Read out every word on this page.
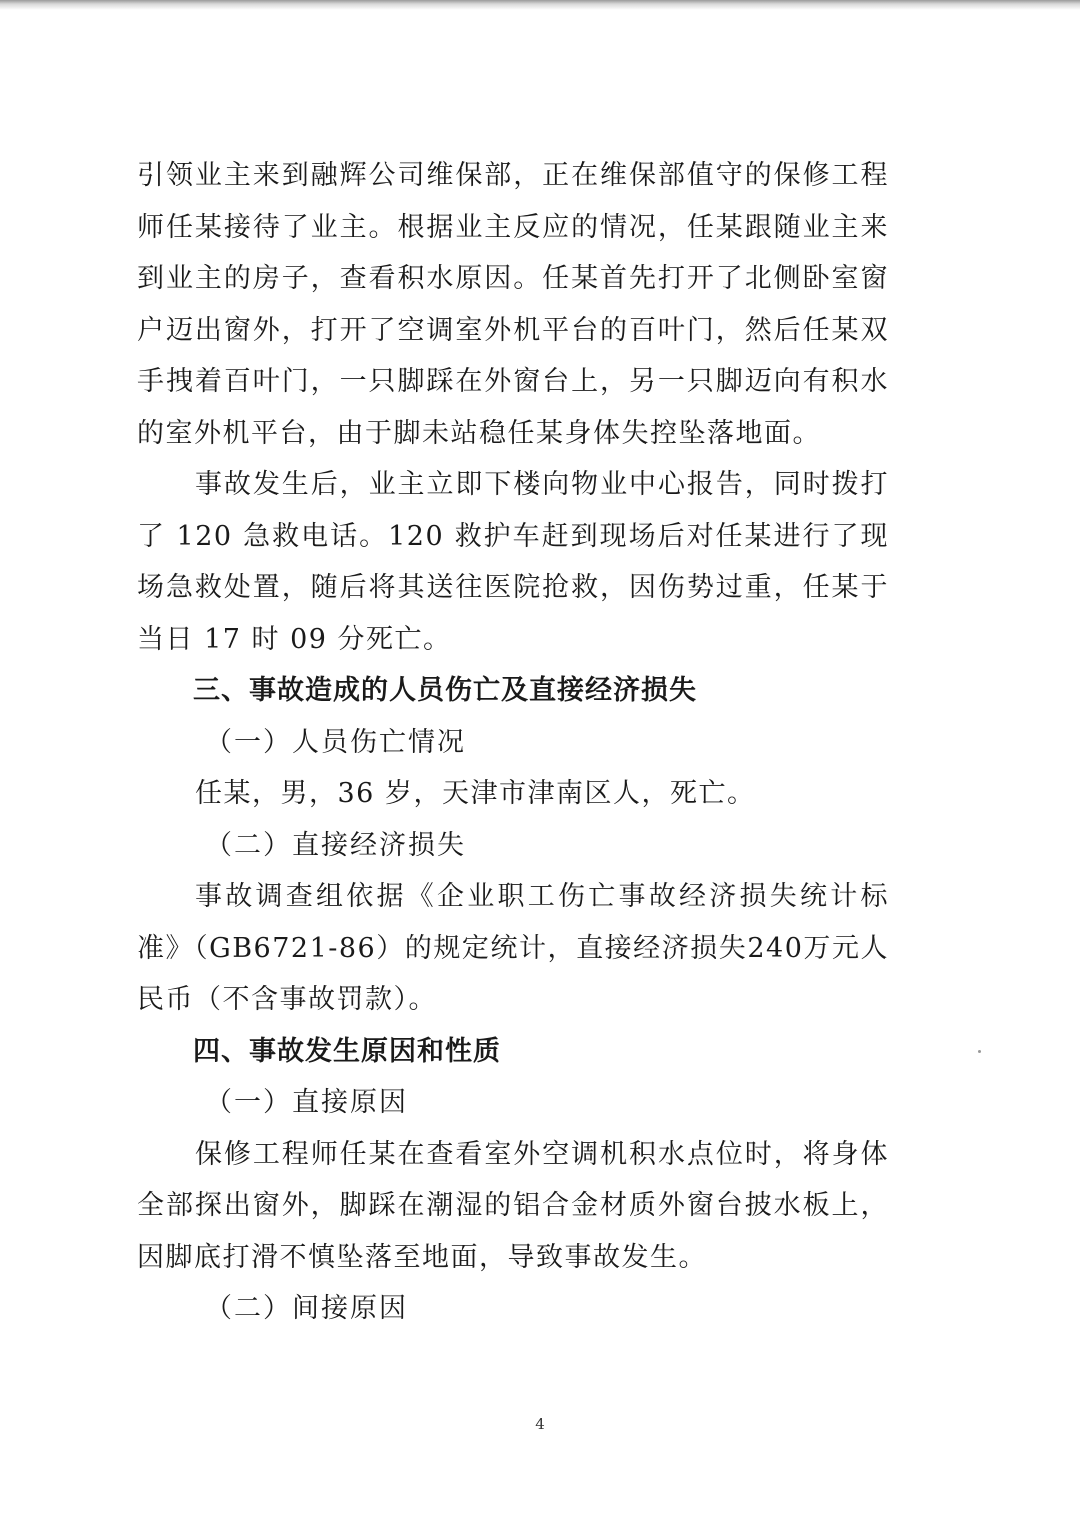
引领业主来到融辉公司维保部，正在维保部值守的保修工程师任某接待了业主。根据业主反应的情况，任某跟随业主来到业主的房子，查看积水原因。任某首先打开了北侧卧室窗户迈出窗外，打开了空调室外机平台的百叶门，然后任某双手拽着百叶门，一只脚踩在外窗台上，另一只脚迈向有积水的室外机平台，由于脚未站稳任某身体失控坠落地面。

事故发生后，业主立即下楼向物业中心报告，同时拨打了 120 急救电话。120 救护车赶到现场后对任某进行了现场急救处置，随后将其送往医院抢救，因伤势过重，任某于当日 17 时 09 分死亡。

三、事故造成的人员伤亡及直接经济损失

（一）人员伤亡情况

任某，男，36 岁，天津市津南区人，死亡。

（二）直接经济损失

事故调查组依据《企业职工伤亡事故经济损失统计标准》（GB6721-86）的规定统计，直接经济损失240万元人民币（不含事故罚款）。

四、事故发生原因和性质

（一）直接原因

保修工程师任某在查看室外空调机积水点位时，将身体全部探出窗外，脚踩在潮湿的铝合金材质外窗台披水板上，因脚底打滑不慎坠落至地面，导致事故发生。

（二）间接原因

4
